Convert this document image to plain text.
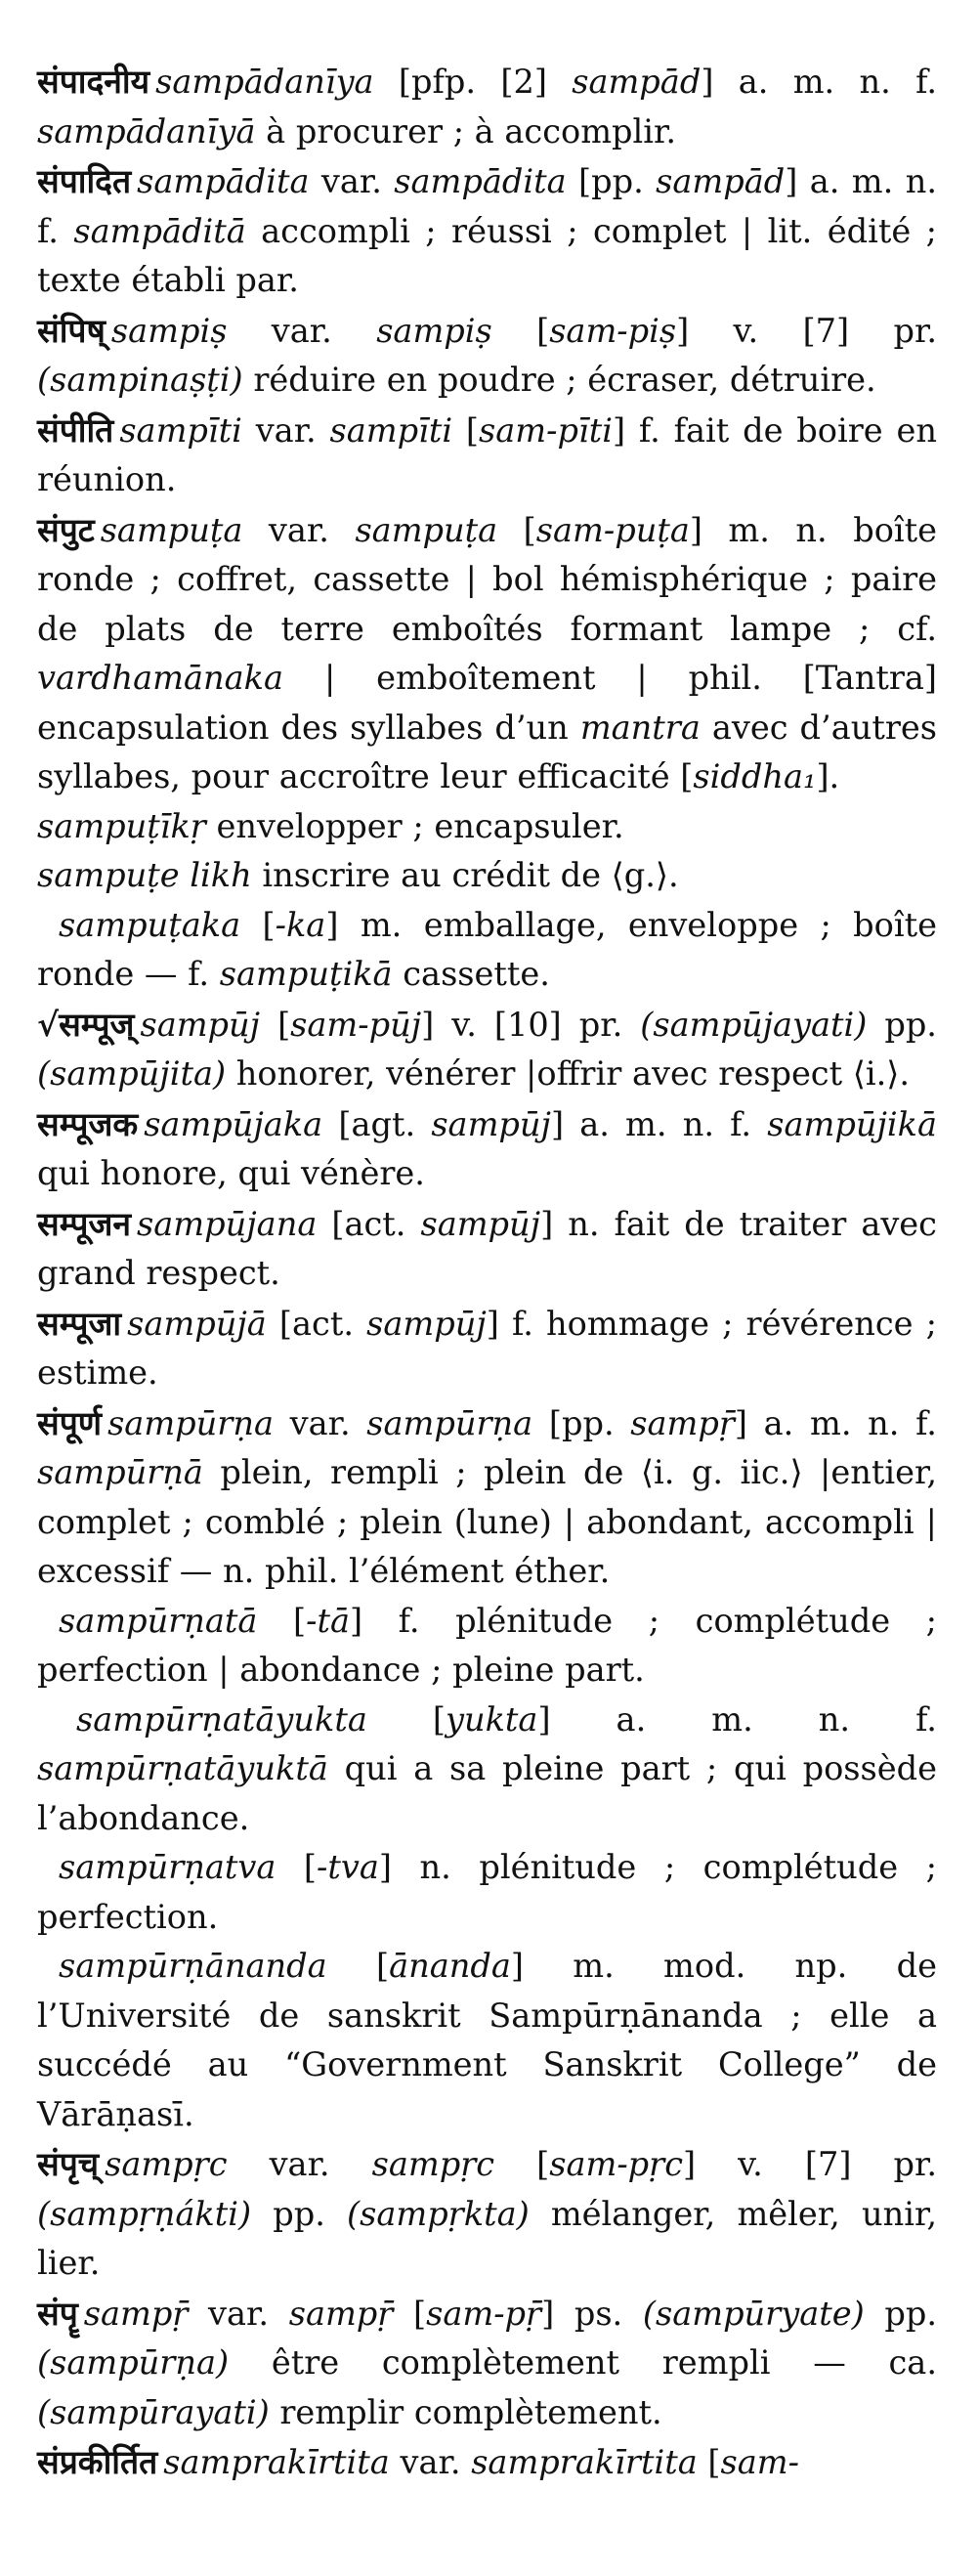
संपादनीय sampādanīya [pfp. [2] sampād] a. m. n. f. sampādanīyā à procurer ; à accomplir.

संपादित sampādita var. sampādita [pp. sampād] a. m. n. f. sampāditā accompli ; réussi ; complet | lit. édité ; texte établi par.

संपिष् sampiṣ var. sampiṣ [sam-piṣ] v. [7] pr. (sampinaṣṭi) réduire en poudre ; écraser, détruire.

संपीति sampīti var. sampīti [sam-pīti] f. fait de boire en réunion.

संपुट sampuṭa var. sampuṭa [sam-puṭa] m. n. boîte ronde ; coffret, cassette | bol hémisphérique ; paire de plats de terre emboîtés formant lampe ; cf. vardhamānaka | emboîtement | phil. [Tantra] encapsulation des syllabes d’un mantra avec d’autres syllabes, pour accroître leur efficacité [siddha₁].

sampuṭīkṛ envelopper ; encapsuler.

sampuṭe likh inscrire au crédit de ⟨g.⟩.

sampuṭaka [-ka] m. emballage, enveloppe ; boîte ronde — f. sampuṭikā cassette.

√सम्पूज् sampūj [sam-pūj] v. [10] pr. (sampūjayati) pp. (sampūjita) honorer, vénérer |offrir avec respect ⟨i.⟩.

सम्पूजक sampūjaka [agt. sampūj] a. m. n. f. sampūjikā qui honore, qui vénère.

सम्पूजन sampūjana [act. sampūj] n. fait de traiter avec grand respect.

सम्पूजा sampūjā [act. sampūj] f. hommage ; révérence ; estime.

संपूर्ण sampūrṇa var. sampūrṇa [pp. sampṝ] a. m. n. f. sampūrṇā plein, rempli ; plein de ⟨i. g. iic.⟩ |entier, complet ; comblé ; plein (lune) | abondant, accompli | excessif — n. phil. l’élément éther.

sampūrṇatā [-tā] f. plénitude ; complétude ; perfection | abondance ; pleine part.

sampūrṇatāyukta [yukta] a. m. n. f. sampūrṇatāyuktā qui a sa pleine part ; qui possède l’abondance.

sampūrṇatva [-tva] n. plénitude ; complétude ; perfection.

sampūrṇānanda [ānanda] m. mod. np. de l’Université de sanskrit Sampūrṇānanda ; elle a succédé au “Government Sanskrit College” de Vārāṇasī.

संपृच् sampṛc var. sampṛc [sam-pṛc] v. [7] pr. (sampṛṇákti) pp. (sampṛkta) mélanger, mêler, unir, lier.

संपॄ sampṝ var. sampṝ [sam-pṝ] ps. (sampūryate) pp. (sampūrṇa) être complètement rempli — ca. (sampūrayati) remplir complètement.

संप्रकीर्तित samprakīrtita var. samprakīrtita [sam-
